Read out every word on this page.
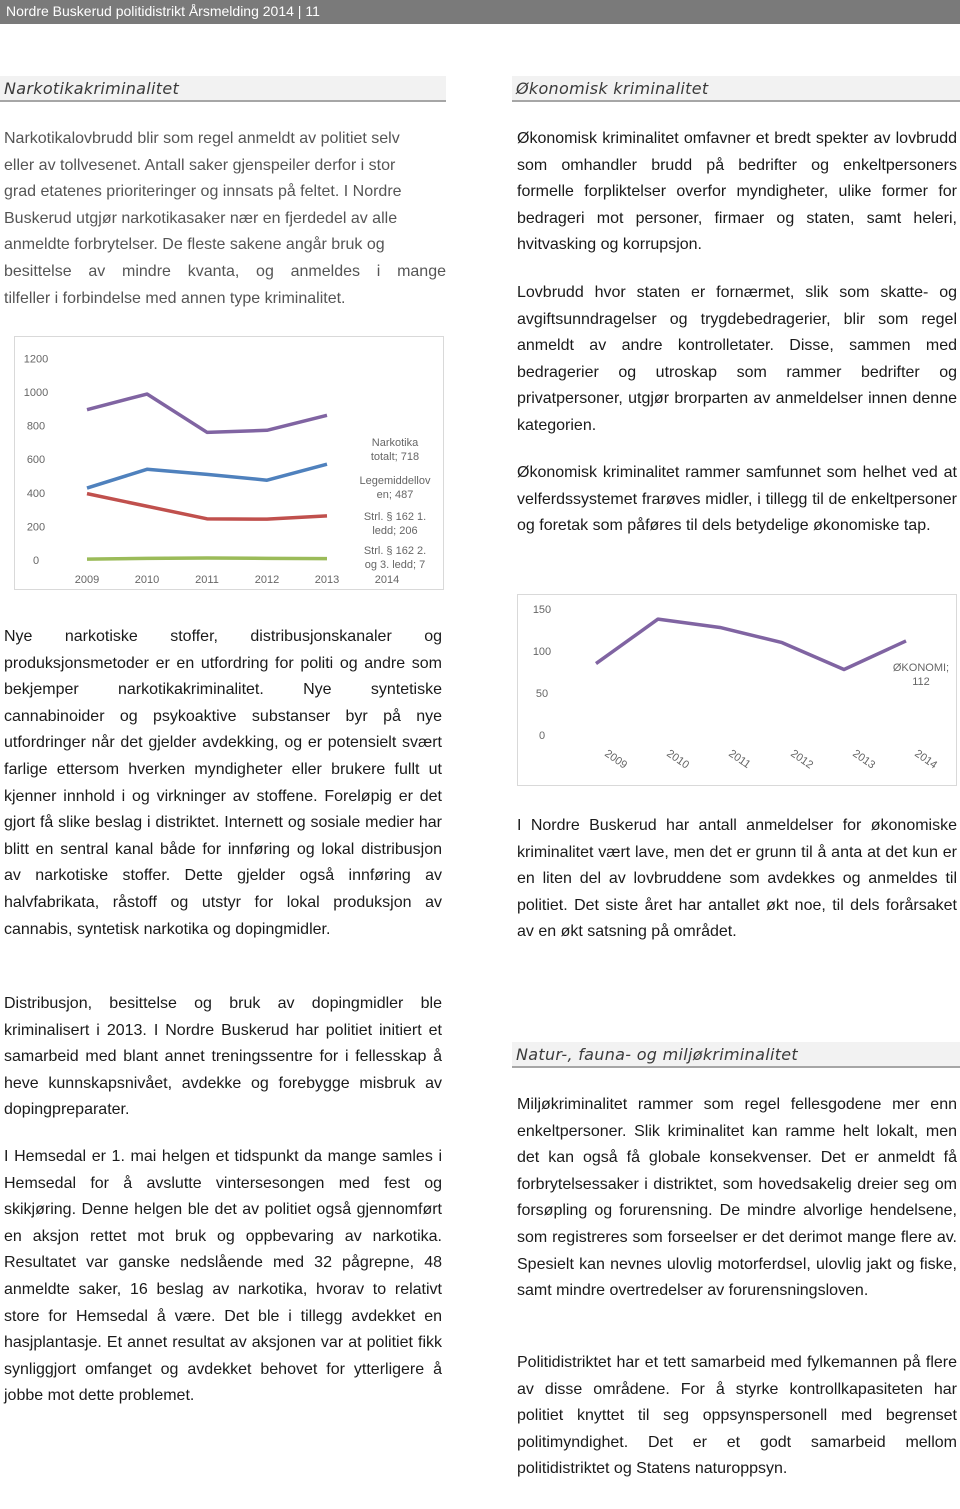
Nordre Buskerud politidistrikt Årsmelding 2014 | 11
Narkotikakriminalitet
Narkotikalovbrudd blir som regel anmeldt av politiet selv
eller av tollvesenet. Antall saker gjenspeiler derfor i stor
grad etatenes prioriteringer og innsats på feltet. I Nordre
Buskerud utgjør narkotikasaker nær en fjerdedel av alle
anmeldte forbrytelser. De fleste sakene angår bruk og
besittelse av mindre kvanta, og anmeldes i mange
tilfeller i forbindelse med annen type kriminalitet.
0
200
400
600
800
1000
1200
2009	2010	2011	2012	2013	2014
Narkotika totalt; 718
Legemiddellov en; 487
Strl. § 162 1. ledd; 206
Strl. § 162 2. og 3. ledd; 7
Nye narkotiske stoffer, distribusjonskanaler og produksjonsmetoder er en utfordring for politi og andre som bekjemper narkotikakriminalitet. Nye syntetiske cannabinoider og psykoaktive substanser byr på nye utfordringer når det gjelder avdekking, og er potensielt svært farlige ettersom hverken myndigheter eller brukere fullt ut kjenner innhold i og virkninger av stoffene. Foreløpig er det gjort få slike beslag i distriktet. Internett og sosiale medier har blitt en sentral kanal både for innføring og lokal distribusjon av narkotiske stoffer. Dette gjelder også innføring av halvfabrikata, råstoff og utstyr for lokal produksjon av cannabis, syntetisk narkotika og dopingmidler.
Distribusjon, besittelse og bruk av dopingmidler ble kriminalisert i 2013. I Nordre Buskerud har politiet initiert et samarbeid med blant annet treningssentre for i fellesskap å heve kunnskapsnivået, avdekke og forebygge misbruk av dopingpreparater.
I Hemsedal er 1. mai helgen et tidspunkt da mange samles i Hemsedal for å avslutte vintersesongen med fest og skikjøring. Denne helgen ble det av politiet også gjennomført en aksjon rettet mot bruk og oppbevaring av narkotika. Resultatet var ganske nedslående med 32 pågrepne, 48 anmeldte saker, 16 beslag av narkotika, hvorav to relativt store for Hemsedal å være. Det ble i tillegg avdekket en hasjplantasje. Et annet resultat av aksjonen var at politiet fikk synliggjort omfanget og avdekket behovet for ytterligere å jobbe mot dette problemet.
Økonomisk kriminalitet
Økonomisk kriminalitet omfavner et bredt spekter av lovbrudd som omhandler brudd på bedrifter og enkeltpersoners formelle forpliktelser overfor myndigheter, ulike former for bedrageri mot personer, firmaer og staten, samt heleri, hvitvasking og korrupsjon.
Lovbrudd hvor staten er fornærmet, slik som skatte- og avgiftsunndragelser og trygdebedragerier, blir som regel anmeldt av andre kontrolletater. Disse, sammen med bedragerier og utroskap som rammer bedrifter og privatpersoner, utgjør brorparten av anmeldelser innen denne kategorien.
Økonomisk kriminalitet rammer samfunnet som helhet ved at velferdssystemet frarøves midler, i tillegg til de enkeltpersoner og foretak som påføres til dels betydelige økonomiske tap.
0
50
100
150
2009	2010	2011	2012	2013	2014
ØKONOMI; 112
I Nordre Buskerud har antall anmeldelser for økonomiske kriminalitet vært lave, men det er grunn til å anta at det kun er en liten del av lovbruddene som avdekkes og anmeldes til politiet. Det siste året har antallet økt noe, til dels forårsaket av en økt satsning på området.
Natur-, fauna- og miljøkriminalitet
Miljøkriminalitet rammer som regel fellesgodene mer enn enkeltpersoner. Slik kriminalitet kan ramme helt lokalt, men det kan også få globale konsekvenser. Det er anmeldt få forbrytelsessaker i distriktet, som hovedsakelig dreier seg om forsøpling og forurensning. De mindre alvorlige hendelsene, som registreres som forseelser er det derimot mange flere av. Spesielt kan nevnes ulovlig motorferdsel, ulovlig jakt og fiske, samt mindre overtredelser av forurensningsloven.
Politidistriktet har et tett samarbeid med fylkemannen på flere av disse områdene. For å styrke kontrollkapasiteten har politiet knyttet til seg oppsynspersonell med begrenset politimyndighet. Det er et godt samarbeid mellom politidistriktet og Statens naturoppsyn.
